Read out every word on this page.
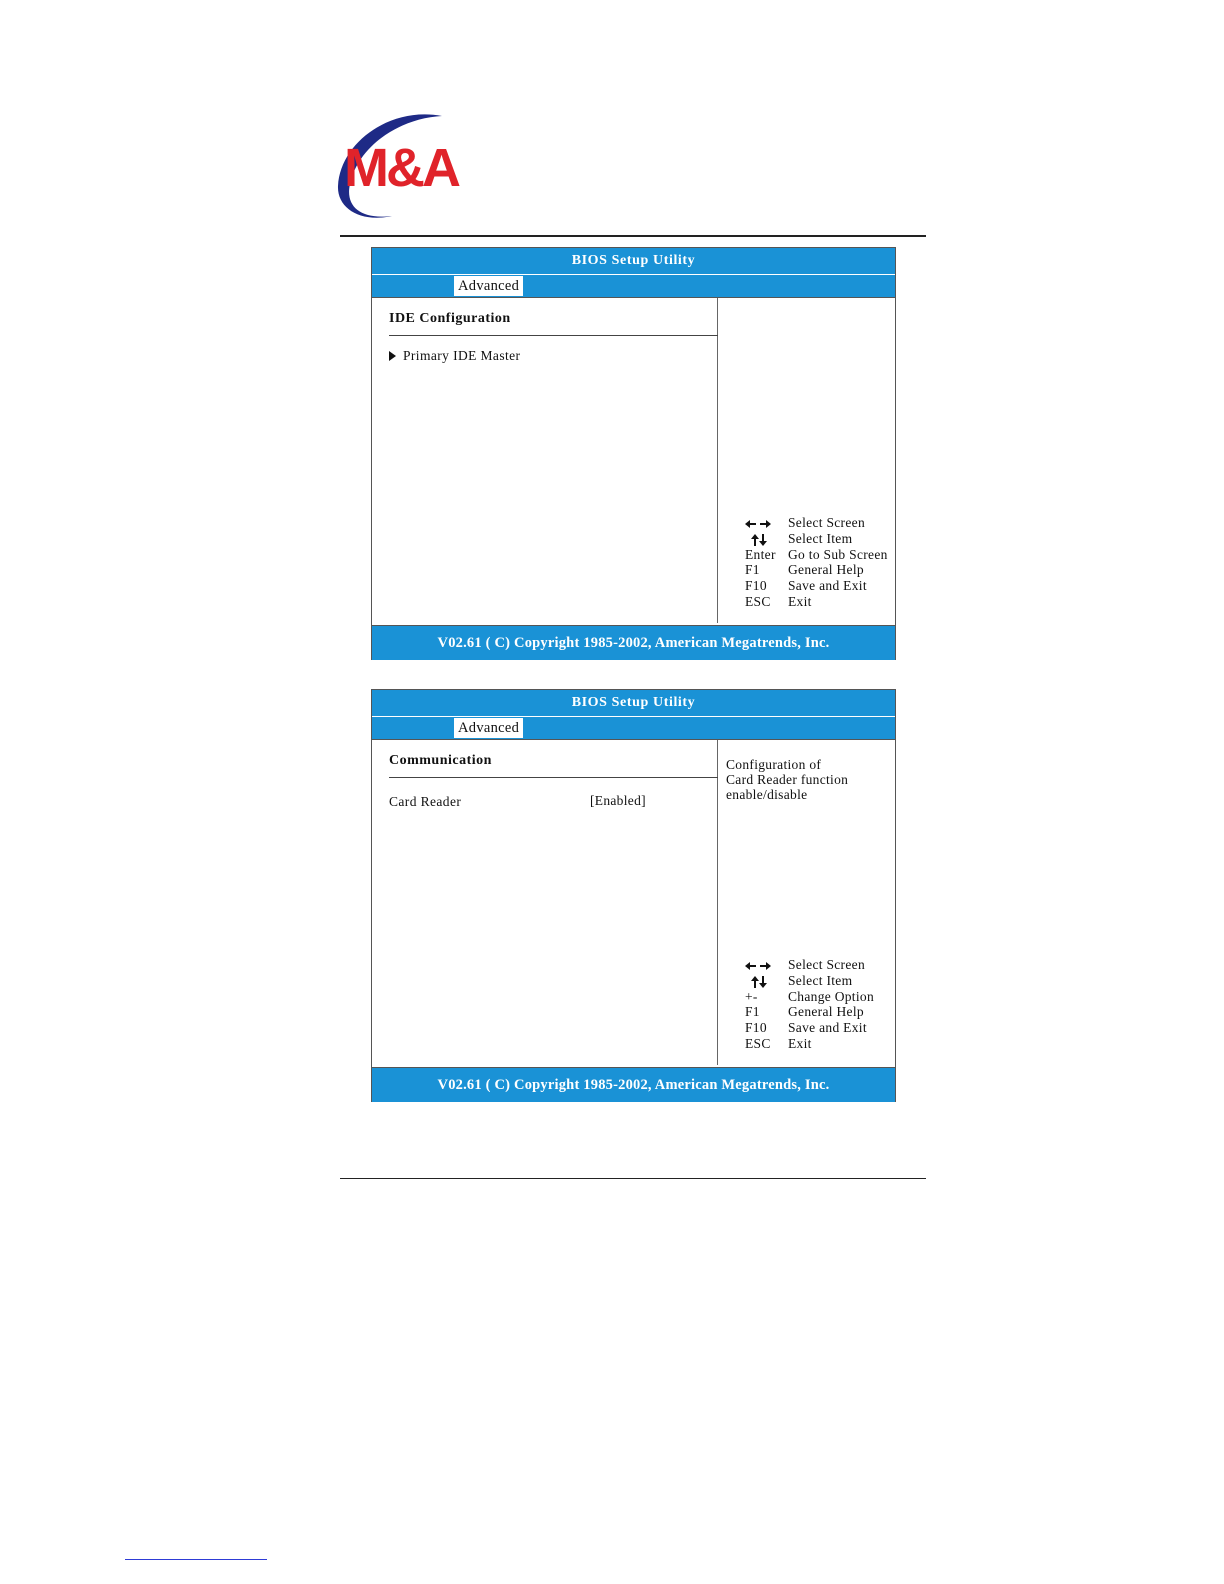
M&A
BIOS Setup Utility
Advanced
IDE Configuration
Primary IDE Master
Select Screen
Select Item
Enter Go to Sub Screen
F1 General Help
F10 Save and Exit
ESC Exit
V02.61 ( C) Copyright 1985-2002, American Megatrends, Inc.
BIOS Setup Utility
Advanced
Communication
Card Reader	[Enabled]
Configuration of
Card Reader function
enable/disable
Select Screen
Select Item
+- Change Option
F1 General Help
F10 Save and Exit
ESC Exit
V02.61 ( C) Copyright 1985-2002, American Megatrends, Inc.
